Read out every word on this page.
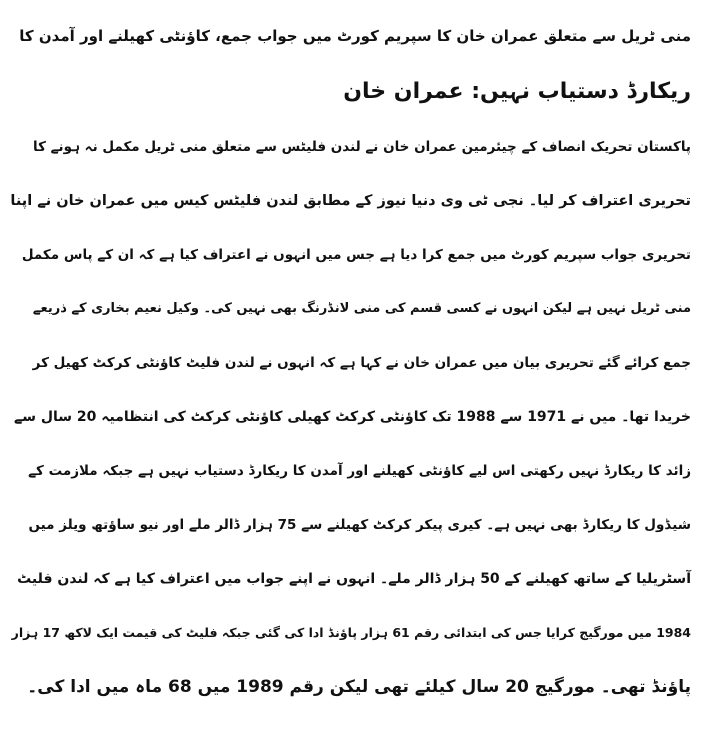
منی ٹریل سے متعلق عمران خان کا سپریم کورٹ میں جواب جمع، کاؤنٹی کھیلنے اور آمدن کا
ریکارڈ دستیاب نہیں: عمران خان

پاکستان تحریک انصاف کے چیئرمین عمران خان نے لندن فلیٹس سے متعلق منی ٹریل مکمل نہ ہونے کا
تحریری اعتراف کر لیا۔ نجی ٹی وی دنیا نیوز کے مطابق لندن فلیٹس کیس میں عمران خان نے اپنا
تحریری جواب سپریم کورٹ میں جمع کرا دیا ہے جس میں انہوں نے اعتراف کیا ہے کہ ان کے پاس مکمل
منی ٹریل نہیں ہے لیکن انہوں نے کسی قسم کی منی لانڈرنگ بھی نہیں کی۔ وکیل نعیم بخاری کے ذریعے
جمع کرائے گئے تحریری بیان میں عمران خان نے کہا ہے کہ انہوں نے لندن فلیٹ کاؤنٹی کرکٹ کھیل کر
خریدا تھا۔ میں نے 1971 سے 1988 تک کاؤنٹی کرکٹ کھیلی کاؤنٹی کرکٹ کی انتظامیہ 20 سال سے
زائد کا ریکارڈ نہیں رکھتی اس لیے کاؤنٹی کھیلنے اور آمدن کا ریکارڈ دستیاب نہیں ہے جبکہ ملازمت کے
شیڈول کا ریکارڈ بھی نہیں ہے۔ کیری پیکر کرکٹ کھیلنے سے 75 ہزار ڈالر ملے اور نیو ساؤتھ ویلز میں
آسٹریلیا کے ساتھ کھیلنے کے 50 ہزار ڈالر ملے۔ انہوں نے اپنے جواب میں اعتراف کیا ہے کہ لندن فلیٹ
1984 میں مورگیج کرایا جس کی ابتدائی رقم 61 ہزار پاؤنڈ ادا کی گئی جبکہ فلیٹ کی قیمت ایک لاکھ 17 ہزار
پاؤنڈ تھی۔ مورگیج 20 سال کیلئے تھی لیکن رقم 1989 میں 68 ماہ میں ادا کی۔
